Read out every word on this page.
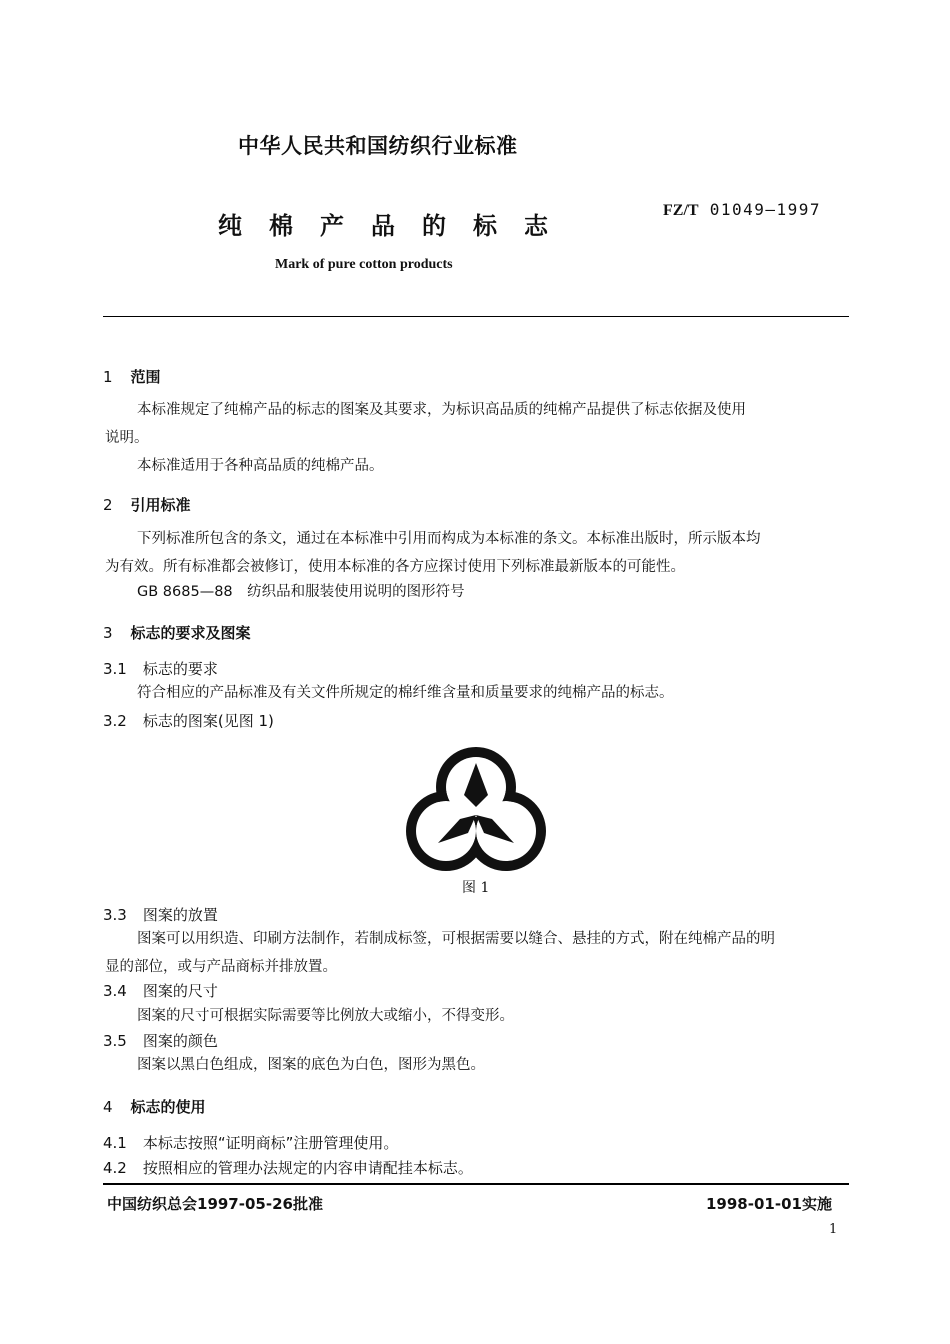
中华人民共和国纺织行业标准
纯棉产品的标志
FZ/T 01049—1997
Mark of pure cotton products
1 范围
本标准规定了纯棉产品的标志的图案及其要求，为标识高品质的纯棉产品提供了标志依据及使用
说明。
本标准适用于各种高品质的纯棉产品。
2 引用标准
下列标准所包含的条文，通过在本标准中引用而构成为本标准的条文。本标准出版时，所示版本均
为有效。所有标准都会被修订，使用本标准的各方应探讨使用下列标准最新版本的可能性。
GB 8685—88　纺织品和服装使用说明的图形符号
3 标志的要求及图案
3.1 标志的要求
符合相应的产品标准及有关文件所规定的棉纤维含量和质量要求的纯棉产品的标志。
3.2 标志的图案(见图 1)
图 1
3.3 图案的放置
图案可以用织造、印刷方法制作，若制成标签，可根据需要以缝合、悬挂的方式，附在纯棉产品的明
显的部位，或与产品商标并排放置。
3.4 图案的尺寸
图案的尺寸可根据实际需要等比例放大或缩小，不得变形。
3.5 图案的颜色
图案以黑白色组成，图案的底色为白色，图形为黑色。
4 标志的使用
4.1 本标志按照“证明商标”注册管理使用。
4.2 按照相应的管理办法规定的内容申请配挂本标志。
中国纺织总会1997-05-26批准	1998-01-01实施
1
